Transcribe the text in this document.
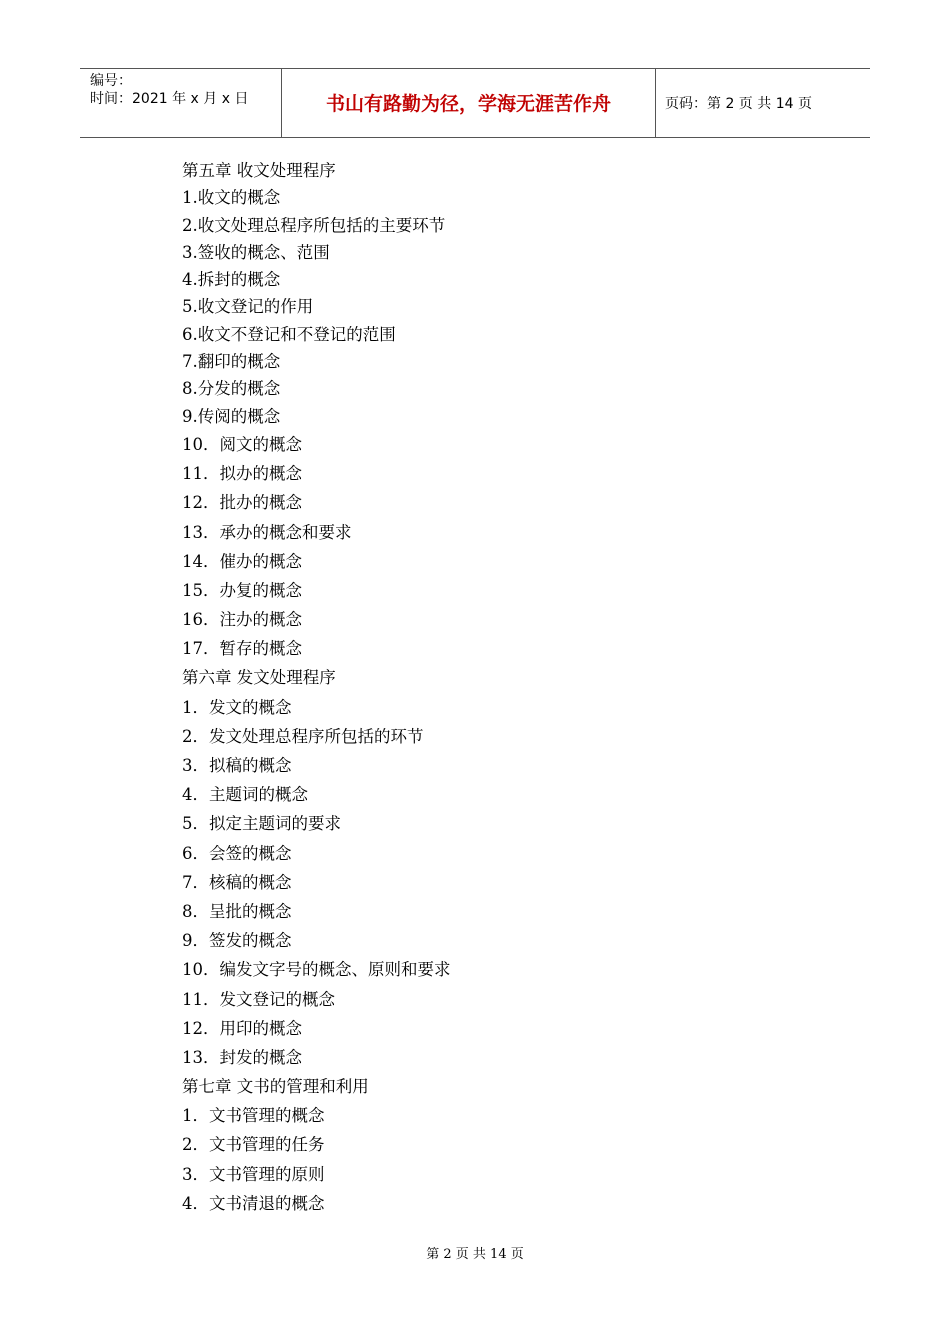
编号：
时间：2021 年 x 月 x 日	书山有路勤为径，学海无涯苦作舟	页码：第 2 页 共 14 页
第五章 收文处理程序
1.收文的概念
2.收文处理总程序所包括的主要环节
3.签收的概念、范围
4.拆封的概念
5.收文登记的作用
6.收文不登记和不登记的范围
7.翻印的概念
8.分发的概念
9.传阅的概念
10．阅文的概念
11．拟办的概念
12．批办的概念
13．承办的概念和要求
14．催办的概念
15．办复的概念
16．注办的概念
17．暂存的概念
第六章 发文处理程序
1．发文的概念
2．发文处理总程序所包括的环节
3．拟稿的概念
4．主题词的概念
5．拟定主题词的要求
6．会签的概念
7．核稿的概念
8．呈批的概念
9．签发的概念
10．编发文字号的概念、原则和要求
11．发文登记的概念
12．用印的概念
13．封发的概念
第七章 文书的管理和利用
1．文书管理的概念
2．文书管理的任务
3．文书管理的原则
4．文书清退的概念
第 2 页 共 14 页
